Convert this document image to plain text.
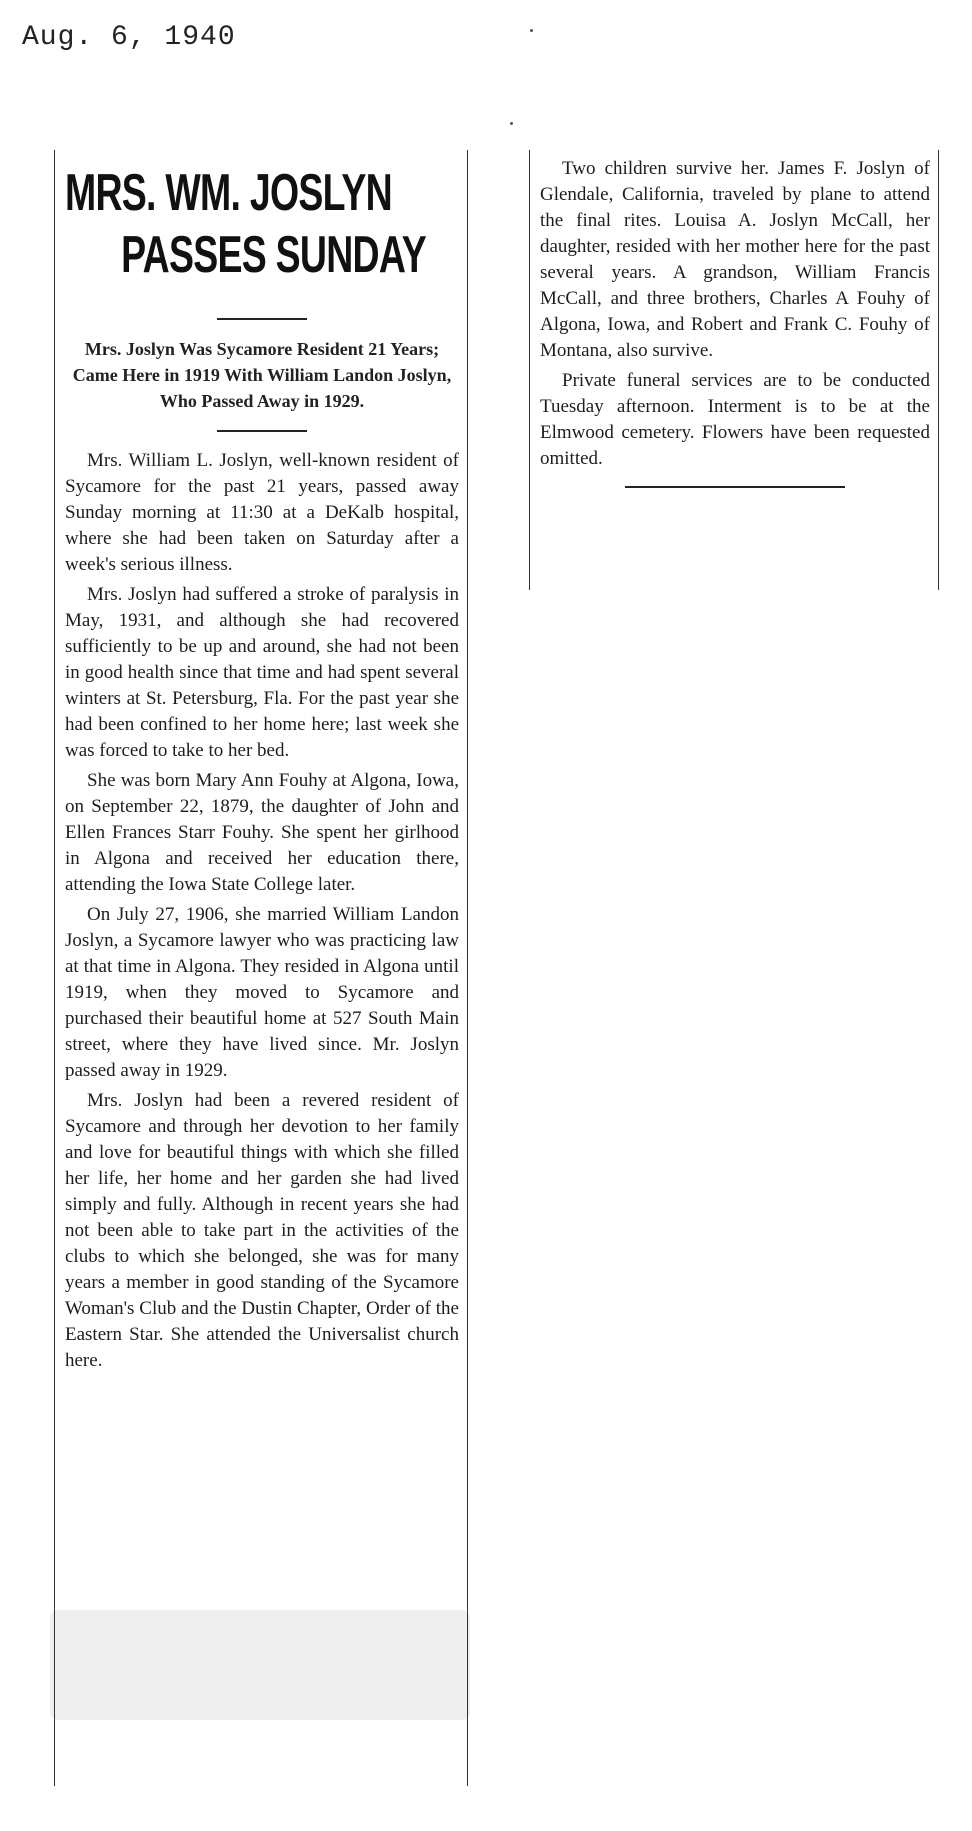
Aug. 6, 1940
MRS. WM. JOSLYN
PASSES SUNDAY

Mrs. Joslyn Was Sycamore Resident 21 Years; Came Here in 1919 With William Landon Joslyn, Who Passed Away in 1929.

Mrs. William L. Joslyn, well-known resident of Sycamore for the past 21 years, passed away Sunday morning at 11:30 at a DeKalb hospital, where she had been taken on Saturday after a week's serious illness.

Mrs. Joslyn had suffered a stroke of paralysis in May, 1931, and although she had recovered sufficiently to be up and around, she had not been in good health since that time and had spent several winters at St. Petersburg, Fla. For the past year she had been confined to her home here; last week she was forced to take to her bed.

She was born Mary Ann Fouhy at Algona, Iowa, on September 22, 1879, the daughter of John and Ellen Frances Starr Fouhy. She spent her girlhood in Algona and received her education there, attending the Iowa State College later.

On July 27, 1906, she married William Landon Joslyn, a Sycamore lawyer who was practicing law at that time in Algona. They resided in Algona until 1919, when they moved to Sycamore and purchased their beautiful home at 527 South Main street, where they have lived since. Mr. Joslyn passed away in 1929.

Mrs. Joslyn had been a revered resident of Sycamore and through her devotion to her family and love for beautiful things with which she filled her life, her home and her garden she had lived simply and fully. Although in recent years she had not been able to take part in the activities of the clubs to which she belonged, she was for many years a member in good standing of the Sycamore Woman's Club and the Dustin Chapter, Order of the Eastern Star. She attended the Universalist church here.

Two children survive her. James F. Joslyn of Glendale, California, traveled by plane to attend the final rites. Louisa A. Joslyn McCall, her daughter, resided with her mother here for the past several years. A grandson, William Francis McCall, and three brothers, Charles A Fouhy of Algona, Iowa, and Robert and Frank C. Fouhy of Montana, also survive.

Private funeral services are to be conducted Tuesday afternoon. Interment is to be at the Elmwood cemetery. Flowers have been requested omitted.
